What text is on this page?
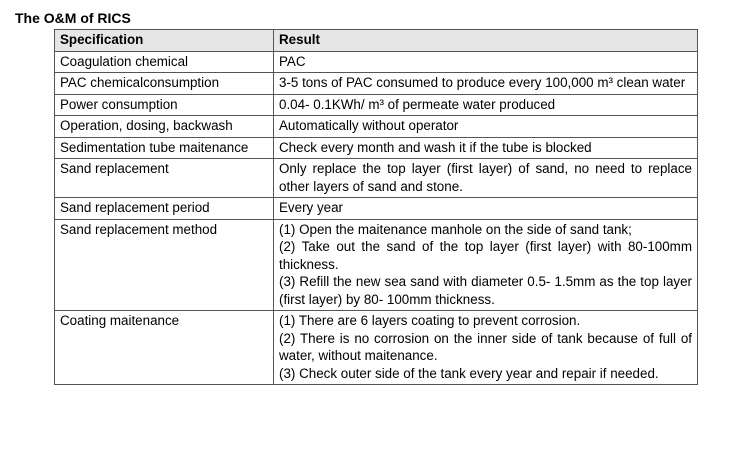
The O&M of RICS
Specification	Result
Coagulation chemical	PAC

PAC chemicalconsumption	3-5 tons of PAC consumed to produce every 100,000 m³ clean water

Power consumption	0.04- 0.1KWh/ m³ of permeate water produced

Operation, dosing, backwash	Automatically without operator

Sedimentation tube maitenance	Check every month and wash it if the tube is blocked

Sand replacement	Only replace the top layer (first layer) of sand, no need to replace other layers of sand and stone.

Sand replacement period	Every year

Sand replacement method	(1) Open the maitenance manhole on the side of sand tank;
(2) Take out the sand of the top layer (first layer) with 80-100mm thickness.
(3) Refill the new sea sand with diameter 0.5- 1.5mm as the top layer (first layer) by 80- 100mm thickness.

Coating maitenance	(1) There are 6 layers coating to prevent corrosion.
(2) There is no corrosion on the inner side of tank because of full of water, without maitenance.
(3) Check outer side of the tank every year and repair if needed.
